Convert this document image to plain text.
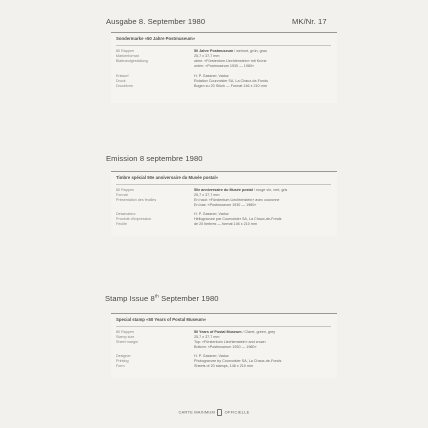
Ausgabe 8. September 1980	MK/Nr. 17
Sondermarke «50 Jahre Postmuseum»
80 Rappen	50 Jahre Postmuseum / weinrot, grün, grau
Markenformat	25,7 x 37,7 mm
Blattrandgestaltung	oben: «Fürstentum Liechtenstein» mit Krone
unten: «Postmuseum 1930 — 1980»
Entwurf	H. P. Gassner, Vaduz
Druck	Rotation Courvoisier SA, La Chaux-de-Fonds
Druckform	Bogen zu 20 Stück — Format 146 x 210 mm
Emission 8 septembre 1980
Timbre spécial 50e anniversaire du Musée postal»
80 Rappen	50e anniversaire du Musée postal / rouge vin, vert, gris
Format	25,7 x 37,7 mm
Présentation des feuilles	En haut: «Fürstentum Liechtenstein» avec couronne
En bas: «Postmuseum 1930 — 1980»
Dessinateur	H. P. Gassner, Vaduz
Procédé d'impression	Héliogravure par Courvoisier SA, La Chaux-de-Fonds
Feuille	de 20 timbres — format 146 x 210 mm
Stamp Issue 8th September 1980
Special stamp «50 Years of Postal Museum»
80 Rappen	50 Years of Postal Museum / Claret, green, grey
Stamp size	25,7 x 37,7 mm
Sheet margin	Top: «Fürstentum Liechtenstein» and crown
Bottom: «Postmuseum 1930 — 1980»
Designer	H. P. Gassner, Vaduz
Printing	Photogravure by Courvoisier SA, La Chaux-de-Fonds
Form	Sheets of 20 stamps, 146 x 210 mm
CARTE MAXIMUM OFFICIELLE
